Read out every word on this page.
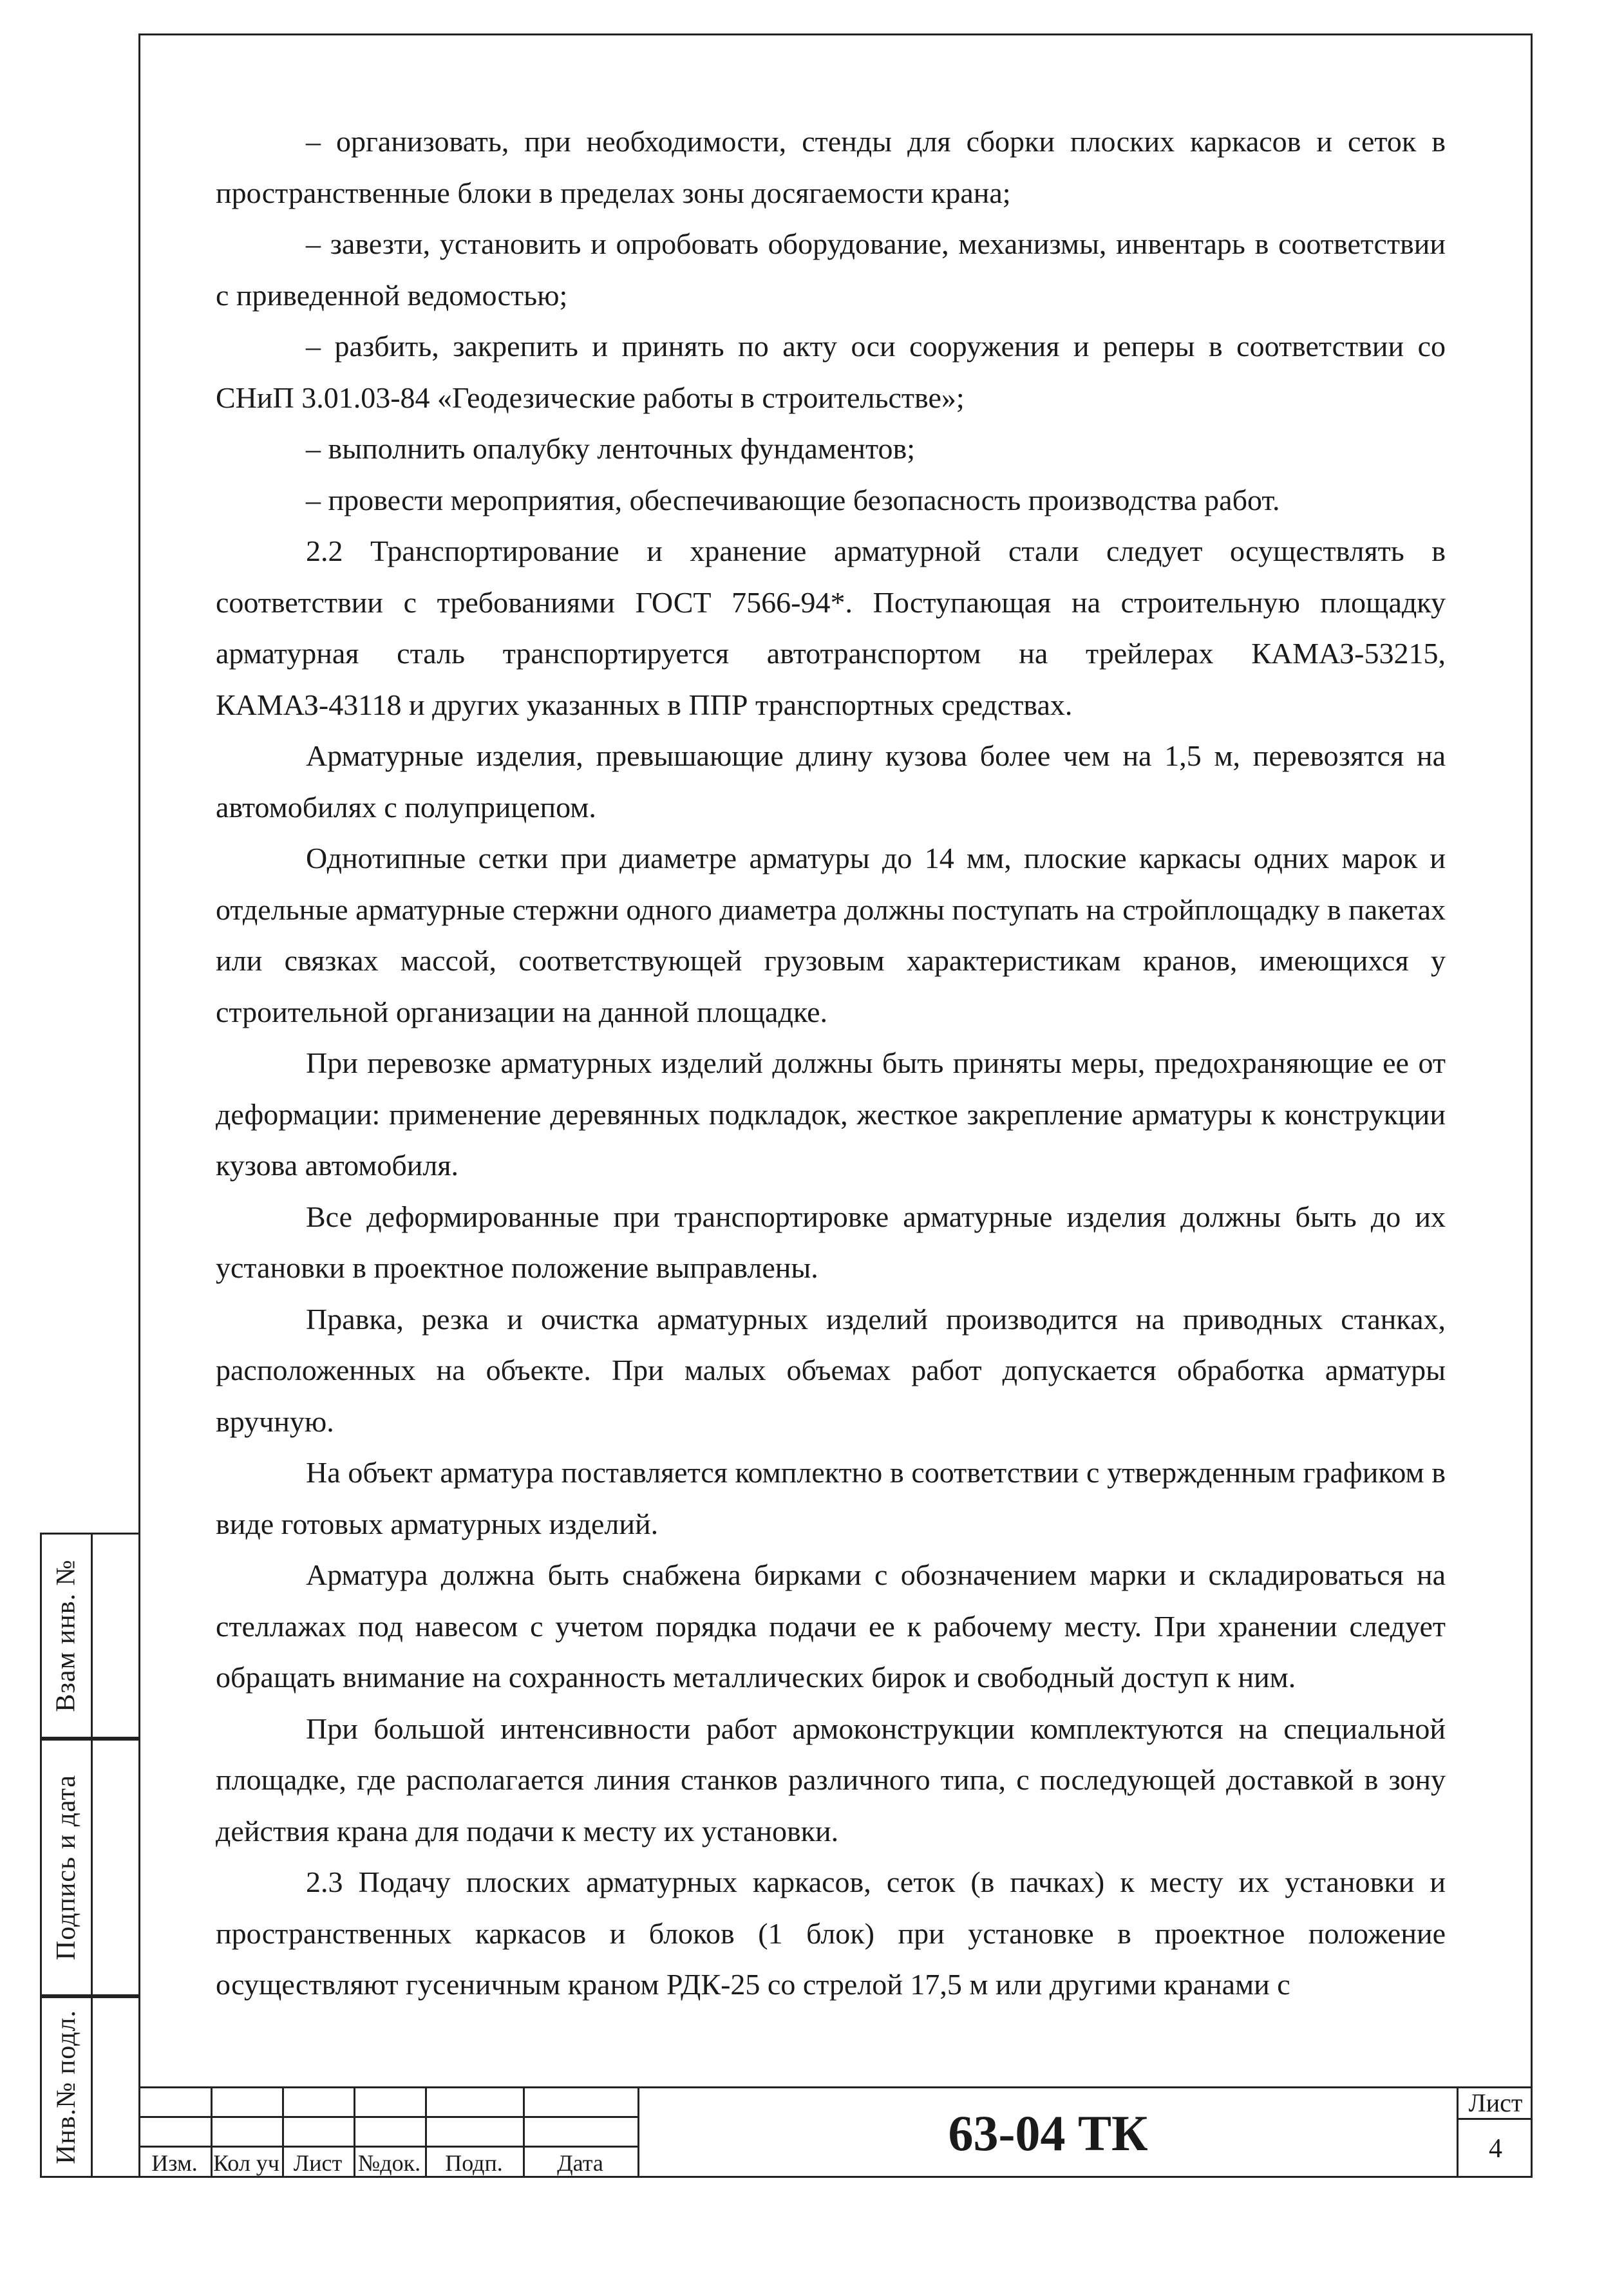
Взам инв. №
Подпись и дата
Инв.№ подл.

– организовать, при необходимости, стенды для сборки плоских каркасов и сеток в пространственные блоки в пределах зоны досягаемости крана;

– завезти, установить и опробовать оборудование, механизмы, инвентарь в соответствии с приведенной ведомостью;

– разбить, закрепить и принять по акту оси сооружения и реперы в соответствии со СНиП 3.01.03-84 «Геодезические работы в строительстве»;

– выполнить опалубку ленточных фундаментов;

– провести мероприятия, обеспечивающие безопасность производства работ.

2.2 Транспортирование и хранение арматурной стали следует осуществлять в соответствии с требованиями ГОСТ 7566-94*. Поступающая на строительную площадку арматурная сталь транспортируется автотранспортом на трейлерах КАМАЗ-53215, КАМАЗ-43118 и других указанных в ППР транспортных средствах.

Арматурные изделия, превышающие длину кузова более чем на 1,5 м, перевозятся на автомобилях с полуприцепом.

Однотипные сетки при диаметре арматуры до 14 мм, плоские каркасы одних марок и отдельные арматурные стержни одного диаметра должны поступать на стройплощадку в пакетах или связках массой, соответствующей грузовым характеристикам кранов, имеющихся у строительной организации на данной площадке.

При перевозке арматурных изделий должны быть приняты меры, предохраняющие ее от деформации: применение деревянных подкладок, жесткое закрепление арматуры к конструкции кузова автомобиля.

Все деформированные при транспортировке арматурные изделия должны быть до их установки в проектное положение выправлены.

Правка, резка и очистка арматурных изделий производится на приводных станках, расположенных на объекте. При малых объемах работ допускается обработка арматуры вручную.

На объект арматура поставляется комплектно в соответствии с утвержденным графиком в виде готовых арматурных изделий.

Арматура должна быть снабжена бирками с обозначением марки и складироваться на стеллажах под навесом с учетом порядка подачи ее к рабочему месту. При хранении следует обращать внимание на сохранность металлических бирок и свободный доступ к ним.

При большой интенсивности работ армоконструкции комплектуются на специальной площадке, где располагается линия станков различного типа, с последующей доставкой в зону действия крана для подачи к месту их установки.

2.3 Подачу плоских арматурных каркасов, сеток (в пачках) к месту их установки и пространственных каркасов и блоков (1 блок) при установке в проектное положение осуществляют гусеничным краном РДК-25 со стрелой 17,5 м или другими кранами с

Изм. Кол уч Лист №док.	Подп.	Дата
63-04 ТК
Лист
4
